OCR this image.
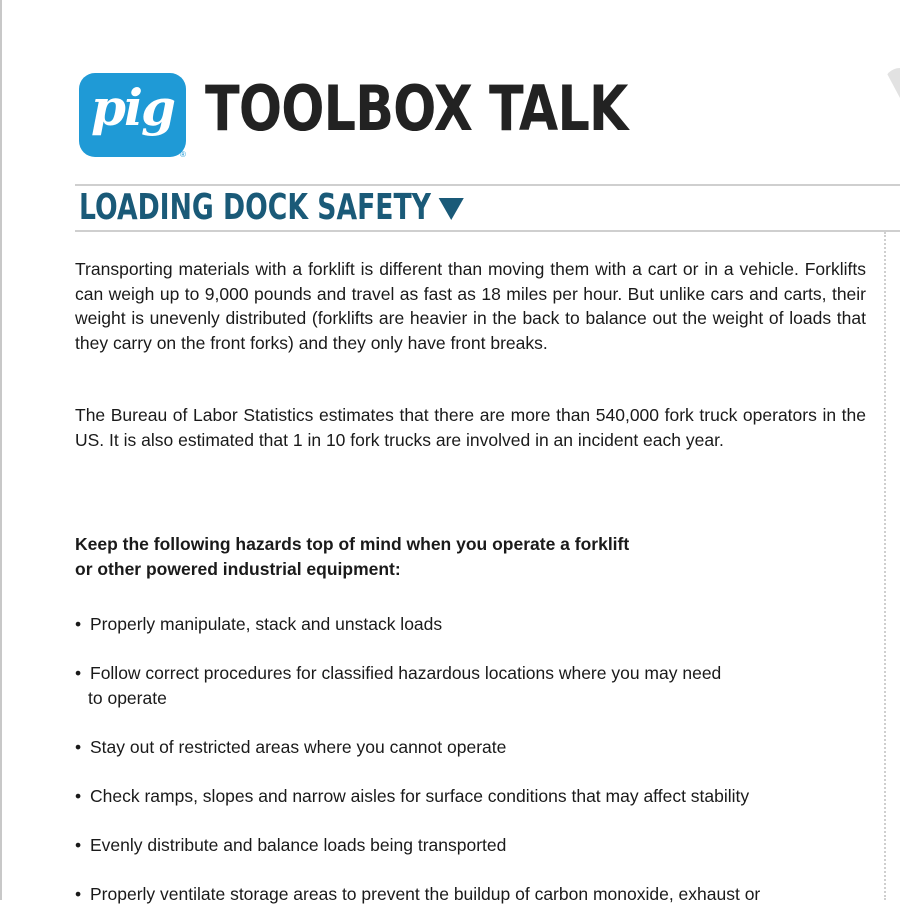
pig
®
TOOLBOX TALK
LOADING DOCK SAFETY
Transporting materials with a forklift is different than moving them with a cart or in a vehicle. Forklifts can weigh up to 9,000 pounds and travel as fast as 18 miles per hour. But unlike cars and carts, their weight is unevenly distributed (forklifts are heavier in the back to balance out the weight of loads that they carry on the front forks) and they only have front breaks.
The Bureau of Labor Statistics estimates that there are more than 540,000 fork truck operators in the US. It is also estimated that 1 in 10 fork trucks are involved in an incident each year.
Keep the following hazards top of mind when you operate a forklift
or other powered industrial equipment:
• Properly manipulate, stack and unstack loads
• Follow correct procedures for classified hazardous locations where you may need
to operate
• Stay out of restricted areas where you cannot operate
• Check ramps, slopes and narrow aisles for surface conditions that may affect stability
• Evenly distribute and balance loads being transported
• Properly ventilate storage areas to prevent the buildup of carbon monoxide, exhaust or
